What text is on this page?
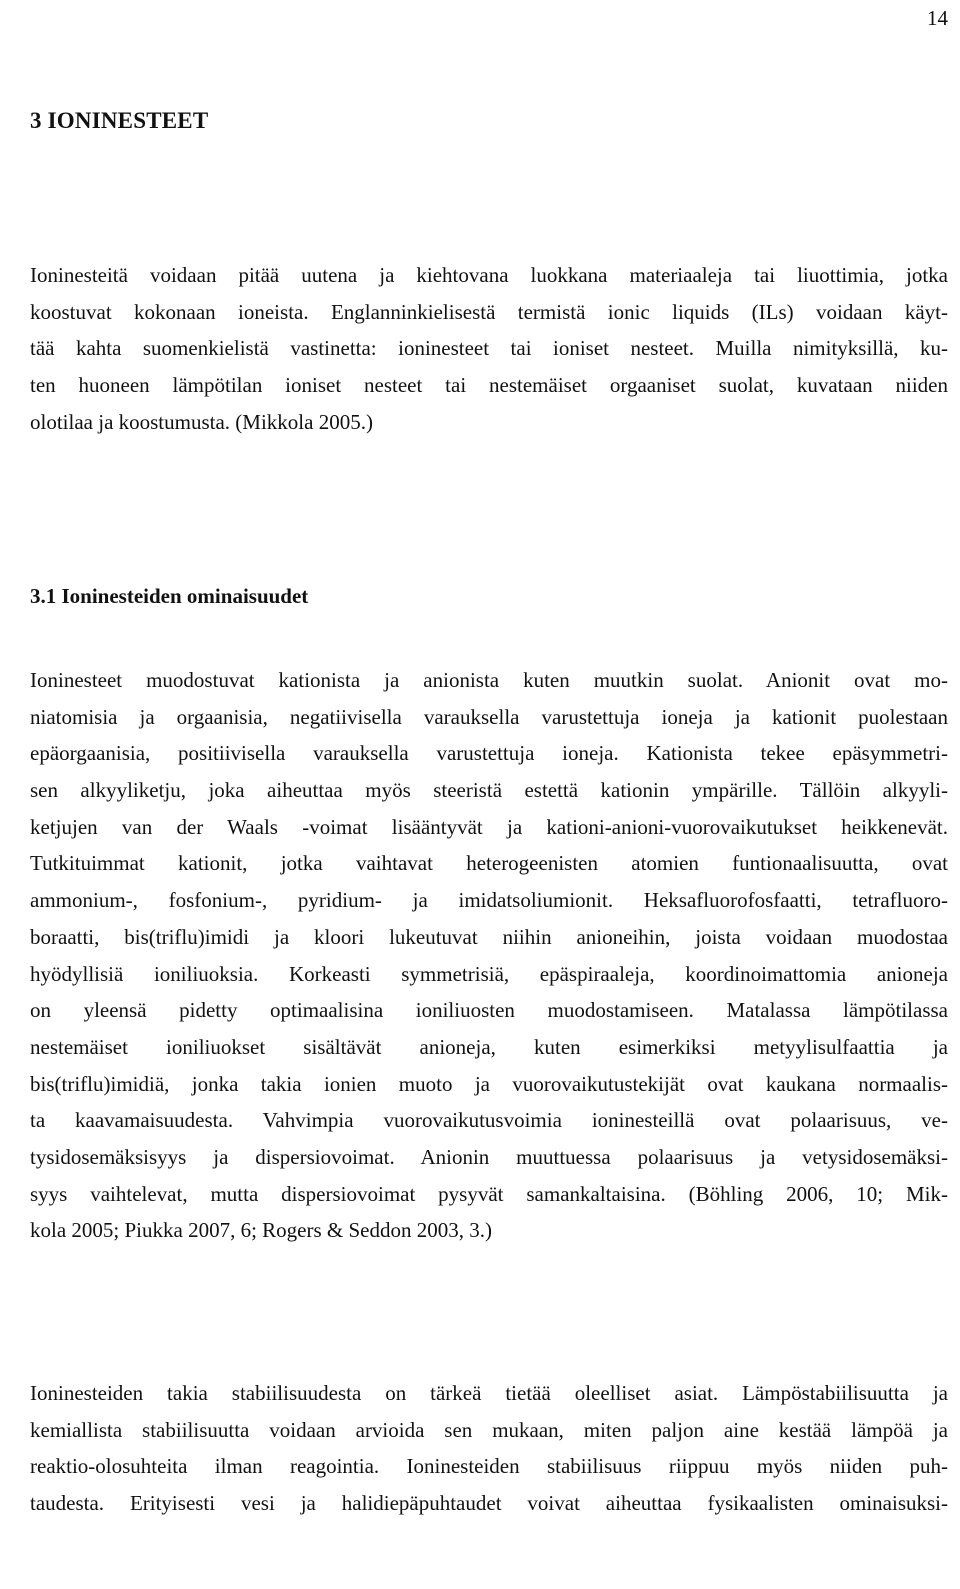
14
3 IONINESTEET
Ioninesteitä voidaan pitää uutena ja kiehtovana luokkana materiaaleja tai liuottimia, jotka
koostuvat kokonaan ioneista. Englanninkielisestä termistä ionic liquids (ILs) voidaan käyt-
tää kahta suomenkielistä vastinetta: ioninesteet tai ioniset nesteet. Muilla nimityksillä, ku-
ten huoneen lämpötilan ioniset nesteet tai nestemäiset orgaaniset suolat, kuvataan niiden
olotilaa ja koostumusta. (Mikkola 2005.)
3.1 Ioninesteiden ominaisuudet
Ioninesteet muodostuvat kationista ja anionista kuten muutkin suolat. Anionit ovat mo-
niatomisia ja orgaanisia, negatiivisella varauksella varustettuja ioneja ja kationit puolestaan
epäorgaanisia, positiivisella varauksella varustettuja ioneja. Kationista tekee epäsymmetri-
sen alkyyliketju, joka aiheuttaa myös steeristä estettä kationin ympärille. Tällöin alkyyli-
ketjujen van der Waals -voimat lisääntyvät ja kationi-anioni-vuorovaikutukset heikkenevät.
Tutkituimmat kationit, jotka vaihtavat heterogeenisten atomien funtionaalisuutta, ovat
ammonium-, fosfonium-, pyridium- ja imidatsoliumionit. Heksafluorofosfaatti, tetrafluoro-
boraatti, bis(triflu)imidi ja kloori lukeutuvat niihin anioneihin, joista voidaan muodostaa
hyödyllisiä ioniliuoksia. Korkeasti symmetrisiä, epäspiraaleja, koordinoimattomia anioneja
on yleensä pidetty optimaalisina ioniliuosten muodostamiseen. Matalassa lämpötilassa
nestemäiset ioniliuokset sisältävät anioneja, kuten esimerkiksi metyylisulfaattia ja
bis(triflu)imidiä, jonka takia ionien muoto ja vuorovaikutustekijät ovat kaukana normaalis-
ta kaavamaisuudesta. Vahvimpia vuorovaikutusvoimia ioninesteillä ovat polaarisuus, ve-
tysidosemäksisyys ja dispersiovoimat. Anionin muuttuessa polaarisuus ja vetysidosemäksi-
syys vaihtelevat, mutta dispersiovoimat pysyvät samankaltaisina. (Böhling 2006, 10; Mik-
kola 2005; Piukka 2007, 6; Rogers & Seddon 2003, 3.)
Ioninesteiden takia stabiilisuudesta on tärkeä tietää oleelliset asiat. Lämpöstabiilisuutta ja
kemiallista stabiilisuutta voidaan arvioida sen mukaan, miten paljon aine kestää lämpöä ja
reaktio-olosuhteita ilman reagointia. Ioninesteiden stabiilisuus riippuu myös niiden puh-
taudesta. Erityisesti vesi ja halidiepäpuhtaudet voivat aiheuttaa fysikaalisten ominaisuksi-
